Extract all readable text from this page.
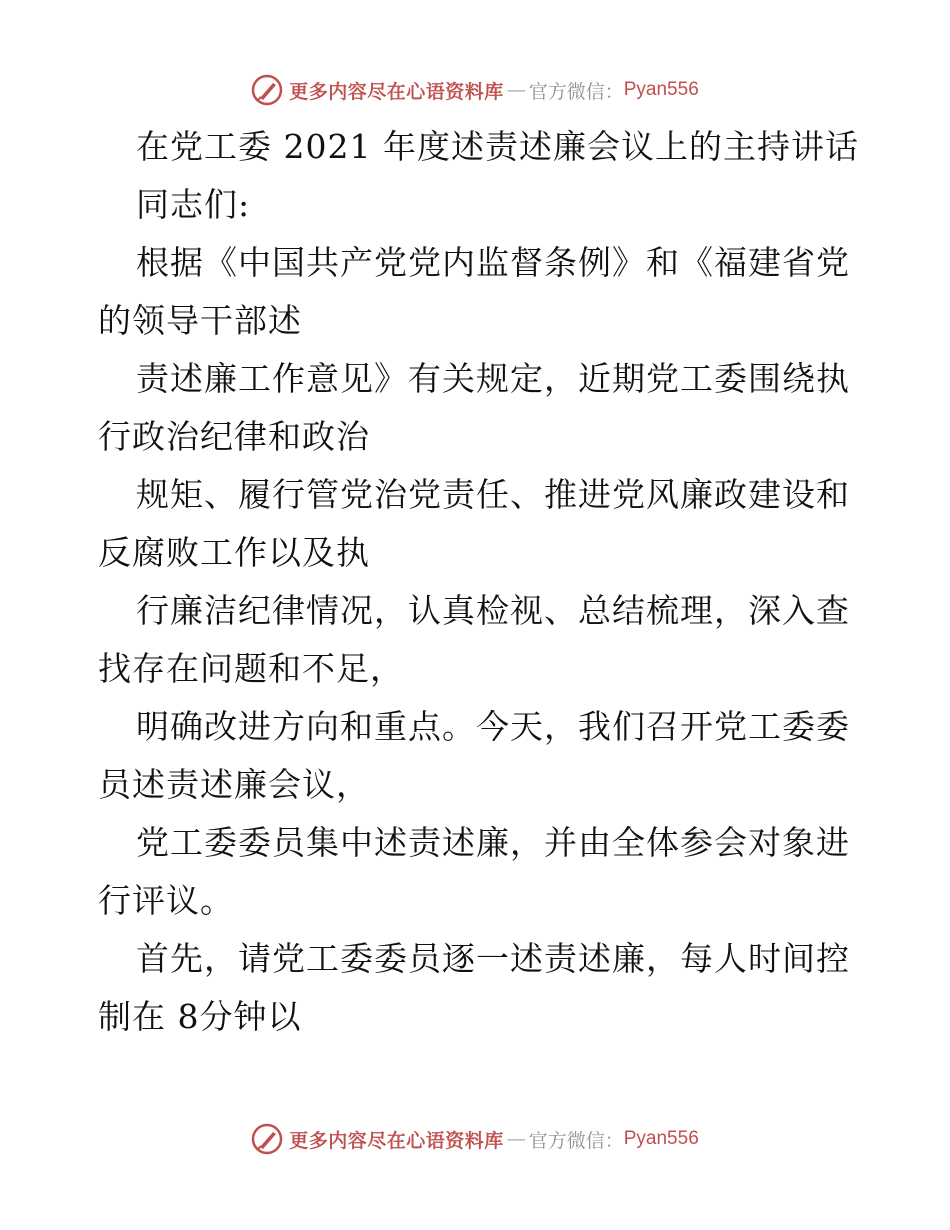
更多内容尽在心语资料库 — 官方微信： Pyan556
在党工委 2021 年度述责述廉会议上的主持讲话
同志们:
根据《中国共产党党内监督条例》和《福建省党
的领导干部述
责述廉工作意见》有关规定，近期党工委围绕执
行政治纪律和政治
规矩、履行管党治党责任、推进党风廉政建设和
反腐败工作以及执
行廉洁纪律情况，认真检视、总结梳理，深入查
找存在问题和不足，
明确改进方向和重点。今天，我们召开党工委委
员述责述廉会议，
党工委委员集中述责述廉，并由全体参会对象进
行评议。
首先，请党工委委员逐一述责述廉，每人时间控
制在 8分钟以
更多内容尽在心语资料库 — 官方微信： Pyan556
